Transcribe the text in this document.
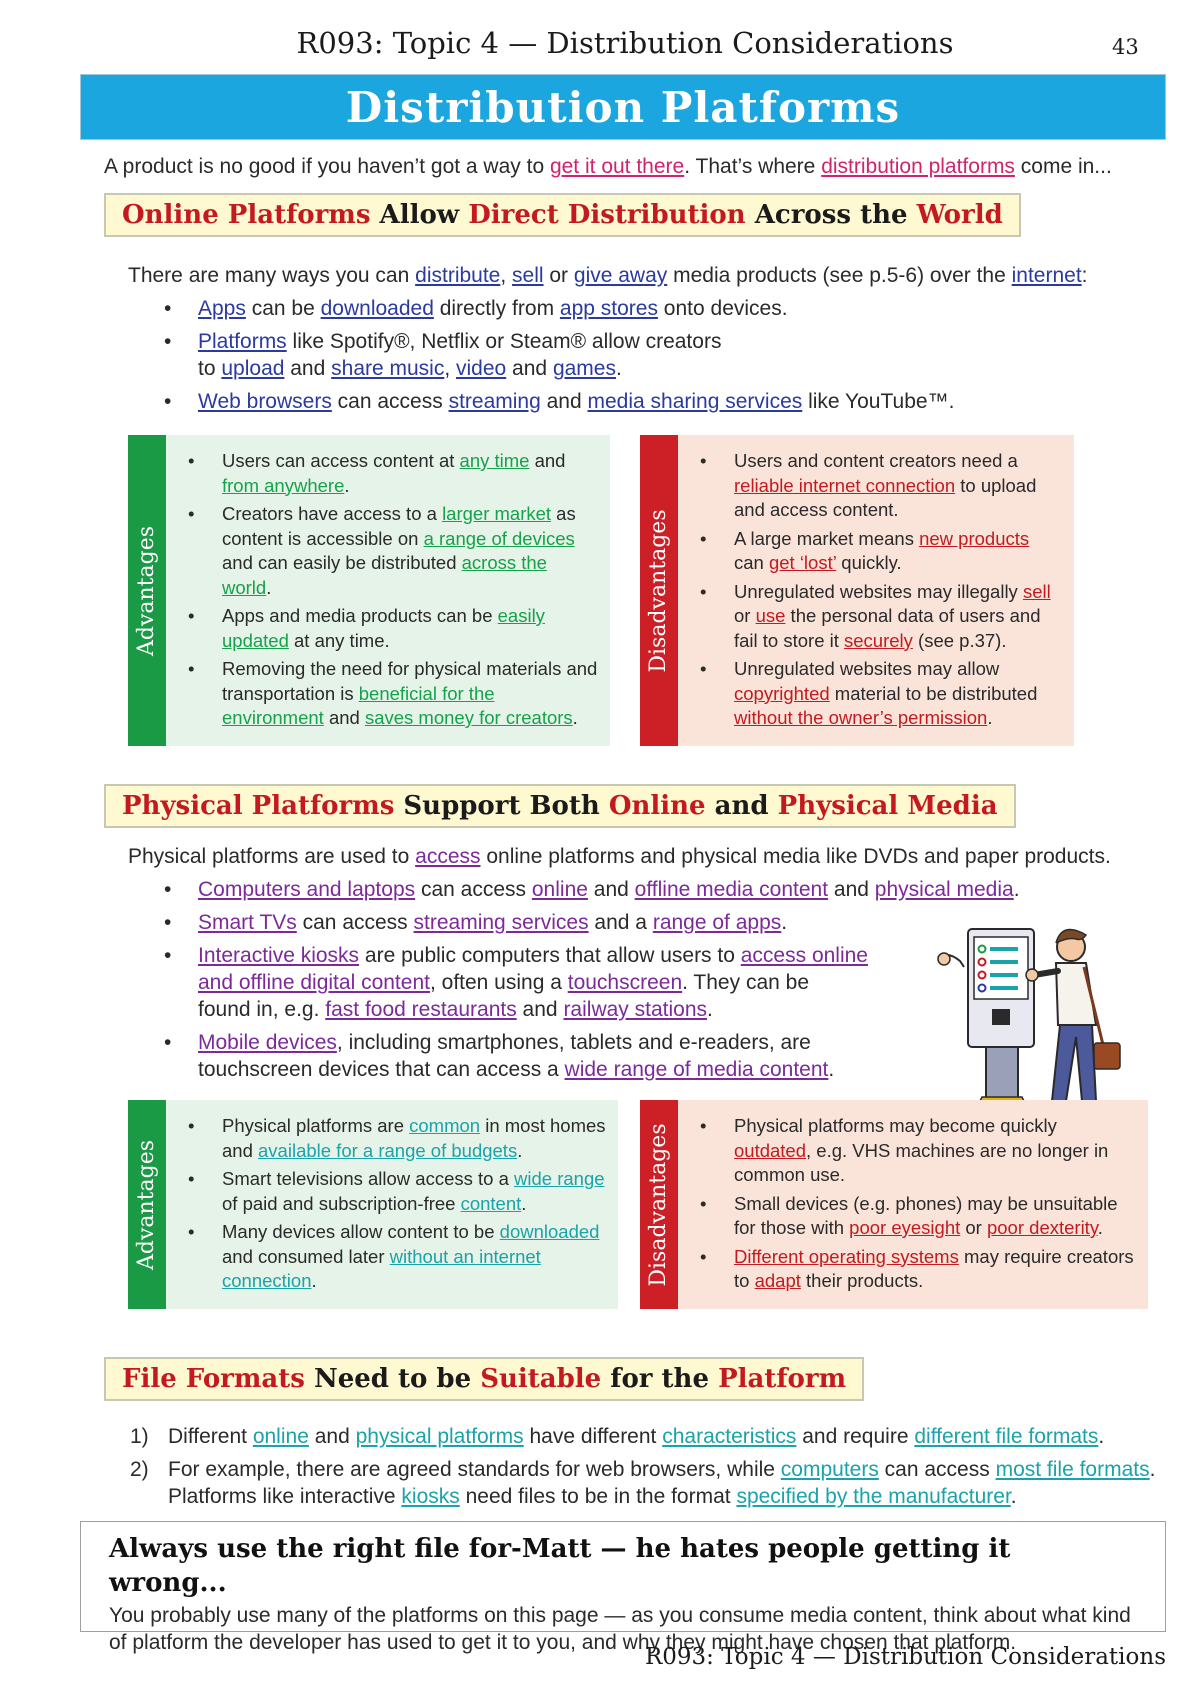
R093: Topic 4 — Distribution Considerations	43
Distribution Platforms

A product is no good if you haven’t got a way to get it out there. That’s where distribution platforms come in...

Online Platforms Allow Direct Distribution Across the World

There are many ways you can distribute, sell or give away media products (see p.5-6) over the internet:

• Apps can be downloaded directly from app stores onto devices.
• Platforms like Spotify®, Netflix or Steam® allow creators
to upload and share music, video and games.
• Web browsers can access streaming and media sharing services like YouTube™.
Advantages
• Users can access content at any time and from anywhere.
• Creators have access to a larger market as content is accessible on a range of devices and can easily be distributed across the world.
• Apps and media products can be easily updated at any time.
• Removing the need for physical materials and transportation is beneficial for the environment and saves money for creators.
Disadvantages
• Users and content creators need a reliable internet connection to upload and access content.
• A large market means new products can get ‘lost’ quickly.
• Unregulated websites may illegally sell or use the personal data of users and fail to store it securely (see p.37).
• Unregulated websites may allow copyrighted material to be distributed without the owner’s permission.
Physical Platforms Support Both Online and Physical Media

Physical platforms are used to access online platforms and physical media like DVDs and paper products.

• Computers and laptops can access online and offline media content and physical media.
• Smart TVs can access streaming services and a range of apps.
• Interactive kiosks are public computers that allow users to access online
and offline digital content, often using a touchscreen. They can be
found in, e.g. fast food restaurants and railway stations.
• Mobile devices, including smartphones, tablets and e-readers, are
touchscreen devices that can access a wide range of media content.
Advantages
• Physical platforms are common in most homes and available for a range of budgets.
• Smart televisions allow access to a wide range of paid and subscription-free content.
• Many devices allow content to be downloaded and consumed later without an internet connection.	Disadvantages
•	Physical platforms may become quickly outdated, e.g. VHS machines are no longer in common use.
• Small devices (e.g. phones) may be unsuitable for those with poor eyesight or poor dexterity.
• Different operating systems may require creators to adapt their products.
File Formats Need to be Suitable for the Platform
1) Different online and physical platforms have different characteristics and require different file formats.
2) For example, there are agreed standards for web browsers, while computers can access most file formats.
Platforms like interactive kiosks need files to be in the format specified by the manufacturer.
Always use the right file for-Matt — he hates people getting it wrong...
You probably use many of the platforms on this page — as you consume media content, think about what kind of platform the developer has used to get it to you, and why they might have chosen that platform.
R093: Topic 4 — Distribution Considerations
